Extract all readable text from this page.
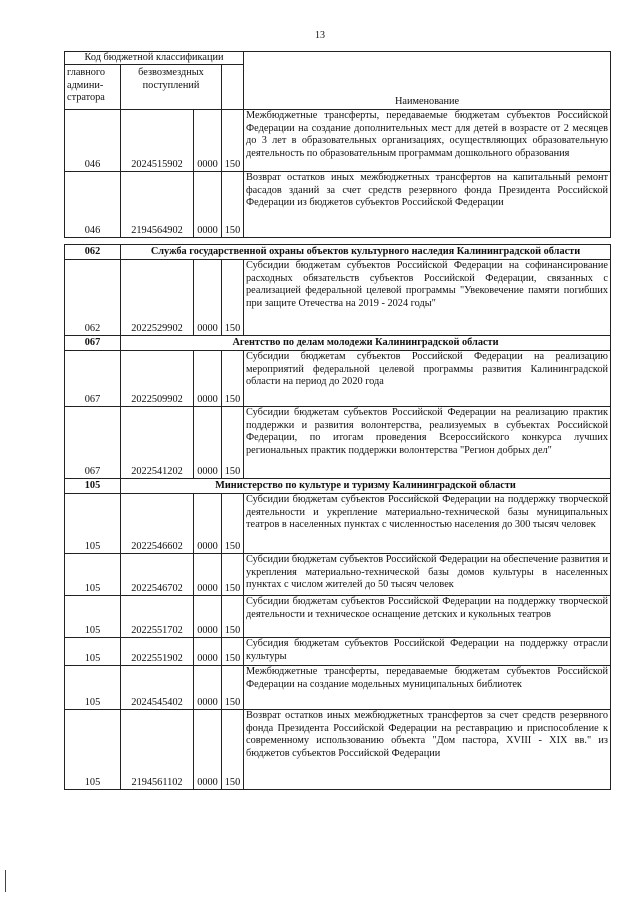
13
Код бюджетной классификации				Наименование
главного админи-стратора	безвозмездных поступлений			
046	2024515902	0000	150	Межбюджетные трансферты, передаваемые бюджетам субъектов Российской Федерации на создание дополнительных мест для детей в возрасте от 2 месяцев до 3 лет в образовательных организациях, осуществляющих образовательную деятельность по образовательным программам дошкольного образования
046	2194564902	0000	150	Возврат остатков иных межбюджетных трансфертов на капитальный ремонт фасадов зданий за счет средств резервного фонда Президента Российской Федерации из бюджетов субъектов Российской Федерации

062	Служба государственной охраны объектов культурного наследия Калининградской области			
062	2022529902	0000	150	Субсидии бюджетам субъектов Российской Федерации на софинансирование расходных обязательств субъектов Российской Федерации, связанных с реализацией федеральной целевой программы "Увековечение памяти погибших при защите Отечества на 2019 - 2024 годы"
067	Агентство по делам молодежи Калининградской области			
067	2022509902	0000	150	Субсидии бюджетам субъектов Российской Федерации на реализацию мероприятий федеральной целевой программы развития Калининградской области на период до 2020 года
067	2022541202	0000	150	Субсидии бюджетам субъектов Российской Федерации на реализацию практик поддержки и развития волонтерства, реализуемых в субъектах Российской Федерации, по итогам проведения Всероссийского конкурса лучших региональных практик поддержки волонтерства "Регион добрых дел"
105	Министерство по культуре и туризму Калининградской области			
105	2022546602	0000	150	Субсидии бюджетам субъектов Российской Федерации на поддержку творческой деятельности и укрепление материально-технической базы муниципальных театров в населенных пунктах с численностью населения до 300 тысяч человек
105	2022546702	0000	150	Субсидии бюджетам субъектов Российской Федерации на обеспечение развития и укрепления материально-технической базы домов культуры в населенных пунктах с числом жителей до 50 тысяч человек
105	2022551702	0000	150	Субсидии бюджетам субъектов Российской Федерации на поддержку творческой деятельности и техническое оснащение детских и кукольных театров
105	2022551902	0000	150	Субсидия бюджетам субъектов Российской Федерации на поддержку отрасли культуры
105	2024545402	0000	150	Межбюджетные трансферты, передаваемые бюджетам субъектов Российской Федерации на создание модельных муниципальных библиотек
105	2194561102	0000	150	Возврат остатков иных межбюджетных трансфертов за счет средств резервного фонда Президента Российской Федерации на реставрацию и приспособление к современному использованию объекта "Дом пастора, XVIII - XIX вв." из бюджетов субъектов Российской Федерации
